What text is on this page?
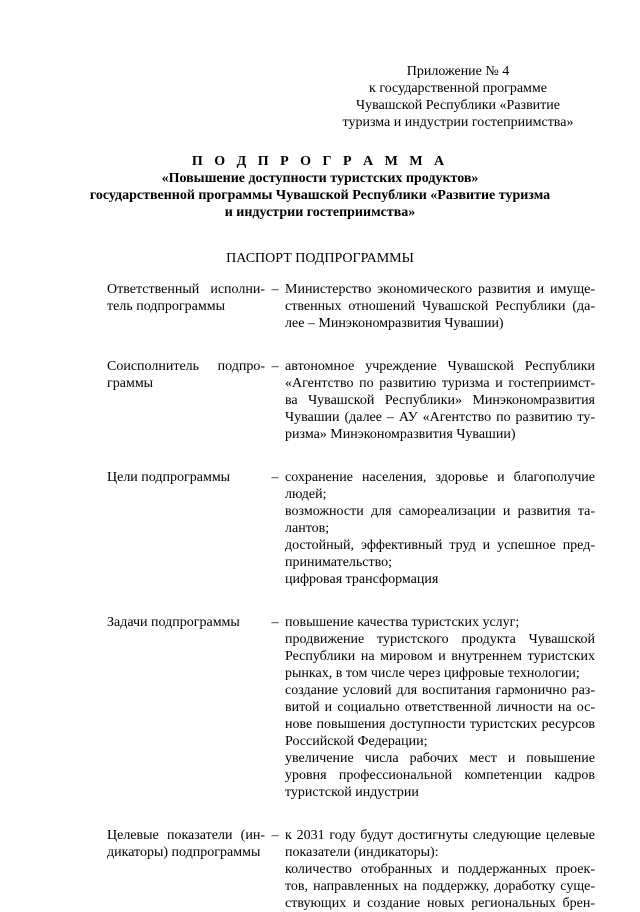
Приложение № 4
к государственной программе
Чувашской Республики «Развитие
туризма и индустрии гостеприимства»
П О Д П Р О Г Р А М М А
«Повышение доступности туристских продуктов»
государственной программы Чувашской Республики «Развитие туризма
и индустрии гостеприимства»
ПАСПОРТ ПОДПРОГРАММЫ
Ответственный исполни-
тель подпрограммы
– Министерство экономического развития и имуще-
ственных отношений Чувашской Республики (да-
лее – Минэкономразвития Чувашии)
Соисполнитель подпро-
граммы
– автономное учреждение Чувашской Республики
«Агентство по развитию туризма и гостеприимст-
ва Чувашской Республики» Минэкономразвития
Чувашии (далее – АУ «Агентство по развитию ту-
ризма» Минэкономразвития Чувашии)
Цели подпрограммы	– сохранение населения, здоровье и благополучие
людей;
возможности для самореализации и развития та-
лантов;
достойный, эффективный труд и успешное пред-
принимательство;
цифровая трансформация
Задачи подпрограммы	– повышение качества туристских услуг;
продвижение туристского продукта Чувашской
Республики на мировом и внутреннем туристских
рынках, в том числе через цифровые технологии;
создание условий для воспитания гармонично раз-
витой и социально ответственной личности на ос-
нове повышения доступности туристских ресурсов
Российской Федерации;
увеличение числа рабочих мест и повышение
уровня профессиональной компетенции кадров
туристской индустрии
Целевые показатели (ин-
дикаторы) подпрограммы
– к 2031 году будут достигнуты следующие целевые
показатели (индикаторы):
количество отобранных и поддержанных проек-
тов, направленных на поддержку, доработку суще-
ствующих и создание новых региональных брен-
